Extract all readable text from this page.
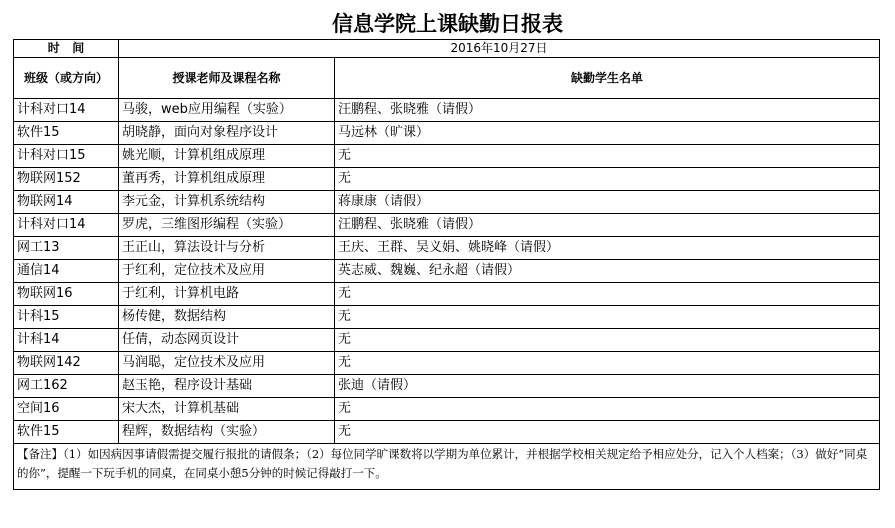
信息学院上课缺勤日报表
时   间	2016年10月27日	
班级（或方向）	授课老师及课程名称	缺勤学生名单
计科对口14	马骏，web应用编程（实验）	汪鹏程、张晓雅（请假）
软件15	胡晓静，面向对象程序设计	马远林（旷课）
计科对口15	姚光顺，计算机组成原理	无
物联网152	董再秀，计算机组成原理	无
物联网14	李元金，计算机系统结构	蒋康康（请假）
计科对口14	罗虎，三维图形编程（实验）	汪鹏程、张晓雅（请假）
网工13	王正山，算法设计与分析	王庆、王群、吴义娟、姚晓峰（请假）
通信14	于红利，定位技术及应用	英志威、魏巍、纪永超（请假）
物联网16	于红利，计算机电路	无
计科15	杨传健，数据结构	无
计科14	任倩，动态网页设计	无
物联网142	马润聪，定位技术及应用	无
网工162	赵玉艳，程序设计基础	张迪（请假）
空间16	宋大杰，计算机基础	无
软件15	程辉，数据结构（实验）	无
【备注】（1）如因病因事请假需提交履行报批的请假条；（2）每位同学旷课数将以学期为单位累计，并根据学校相关规定给予相应处分，记入个人档案；（3）做好“同桌的你”，提醒一下玩手机的同桌，在同桌小憩5分钟的时候记得敲打一下。		
